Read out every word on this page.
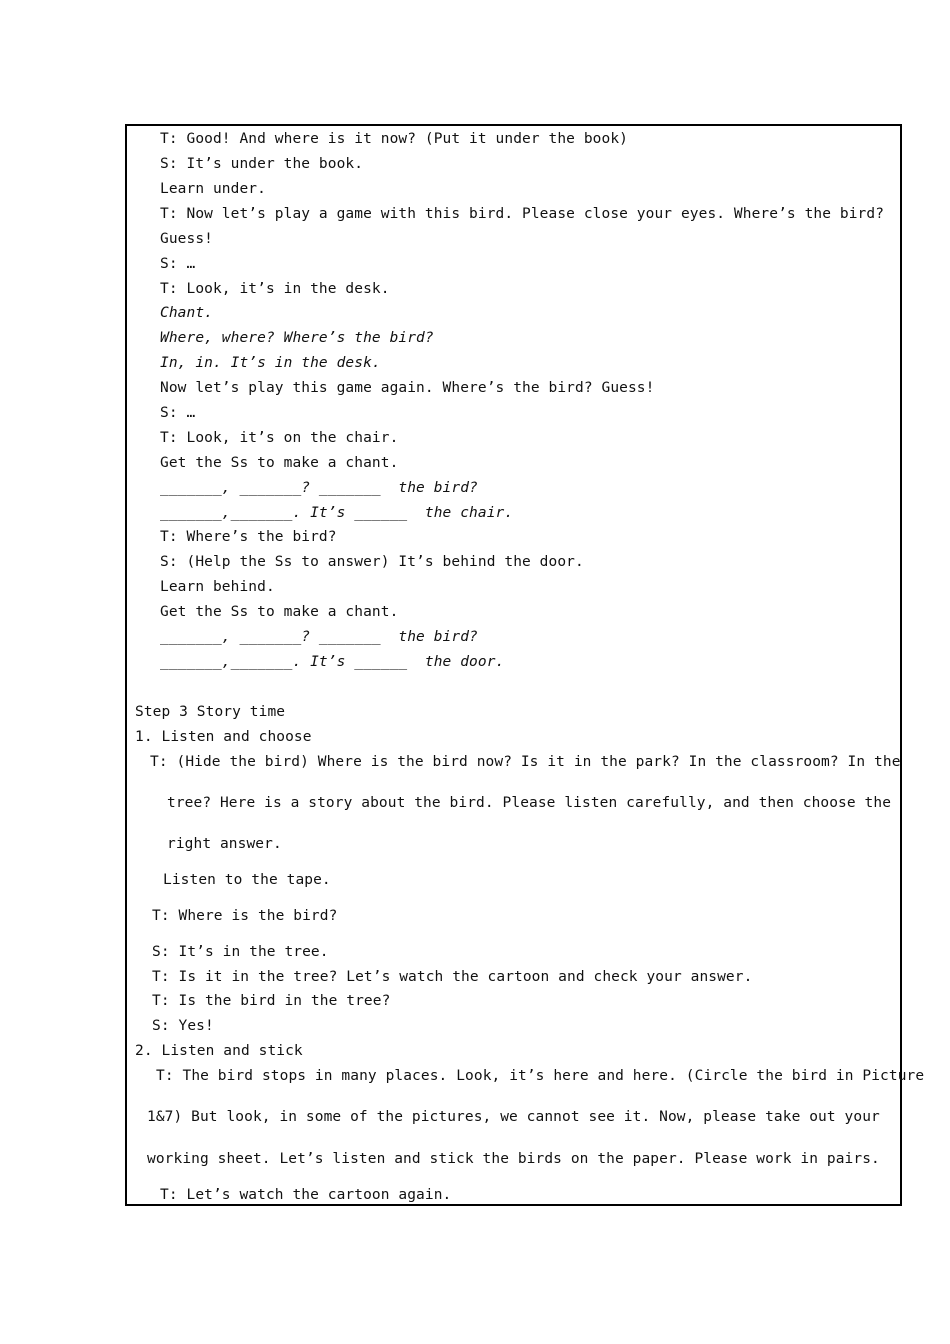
T: Good! And where is it now? (Put it under the book)
S: It’s under the book.
Learn under.
T: Now let’s play a game with this bird. Please close your eyes. Where’s the bird?
Guess!
S: …
T: Look, it’s in the desk.
Chant.
Where, where? Where’s the bird?
In, in. It’s in the desk.
Now let’s play this game again. Where’s the bird? Guess!
S: …
T: Look, it’s on the chair.
Get the Ss to make a chant.
_______, _______? _______  the bird?
_______,_______. It’s ______  the chair.
T: Where’s the bird?
S: (Help the Ss to answer) It’s behind the door.
Learn behind.
Get the Ss to make a chant.
_______, _______? _______  the bird?
_______,_______. It’s ______  the door.
Step 3 Story time
1. Listen and choose
T: (Hide the bird) Where is the bird now? Is it in the park? In the classroom? In the
tree? Here is a story about the bird. Please listen carefully, and then choose the
right answer.
Listen to the tape.
T: Where is the bird?
S: It’s in the tree.
T: Is it in the tree? Let’s watch the cartoon and check your answer.
T: Is the bird in the tree?
S: Yes!
2. Listen and stick
T: The bird stops in many places. Look, it’s here and here. (Circle the bird in Picture
1&7) But look, in some of the pictures, we cannot see it. Now, please take out your
working sheet. Let’s listen and stick the birds on the paper. Please work in pairs.
T: Let’s watch the cartoon again.
